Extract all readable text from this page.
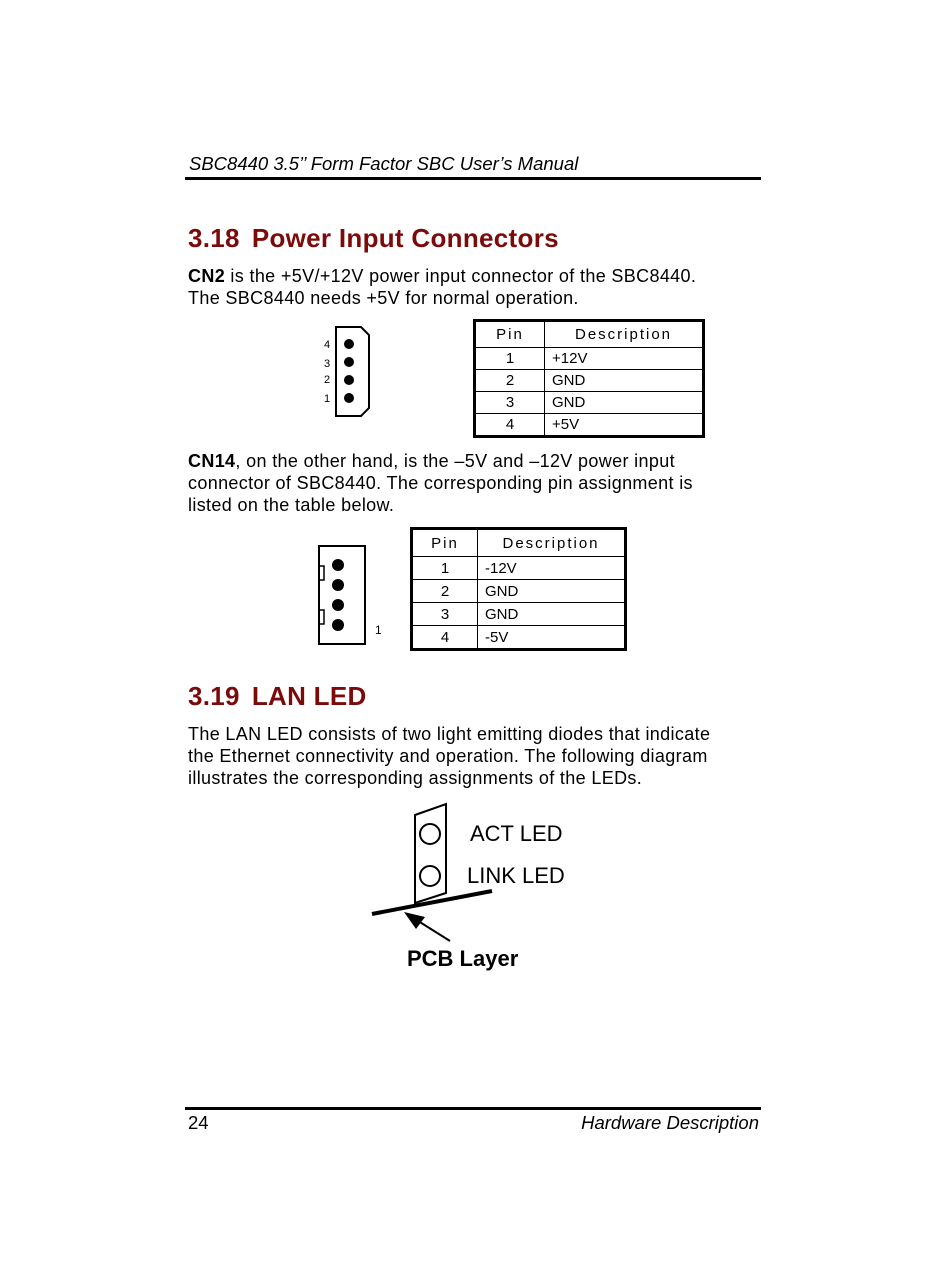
SBC8440 3.5’’ Form Factor SBC User’s Manual
3.18 Power Input Connectors
CN2 is the +5V/+12V power input connector of the SBC8440.
The SBC8440 needs +5V for normal operation.
4
3
2
1
Pin	Description
1	+12V
2	GND
3	GND
4	+5V
CN14, on the other hand, is the –5V and –12V power input
connector of SBC8440. The corresponding pin assignment is
listed on the table below.
1
Pin	Description
1	-12V
2	GND
3	GND
4	-5V
3.19 LAN LED
The LAN LED consists of two light emitting diodes that indicate
the Ethernet connectivity and operation. The following diagram
illustrates the corresponding assignments of the LEDs.
ACT LED
LINK LED
PCB Layer
24	Hardware Description
